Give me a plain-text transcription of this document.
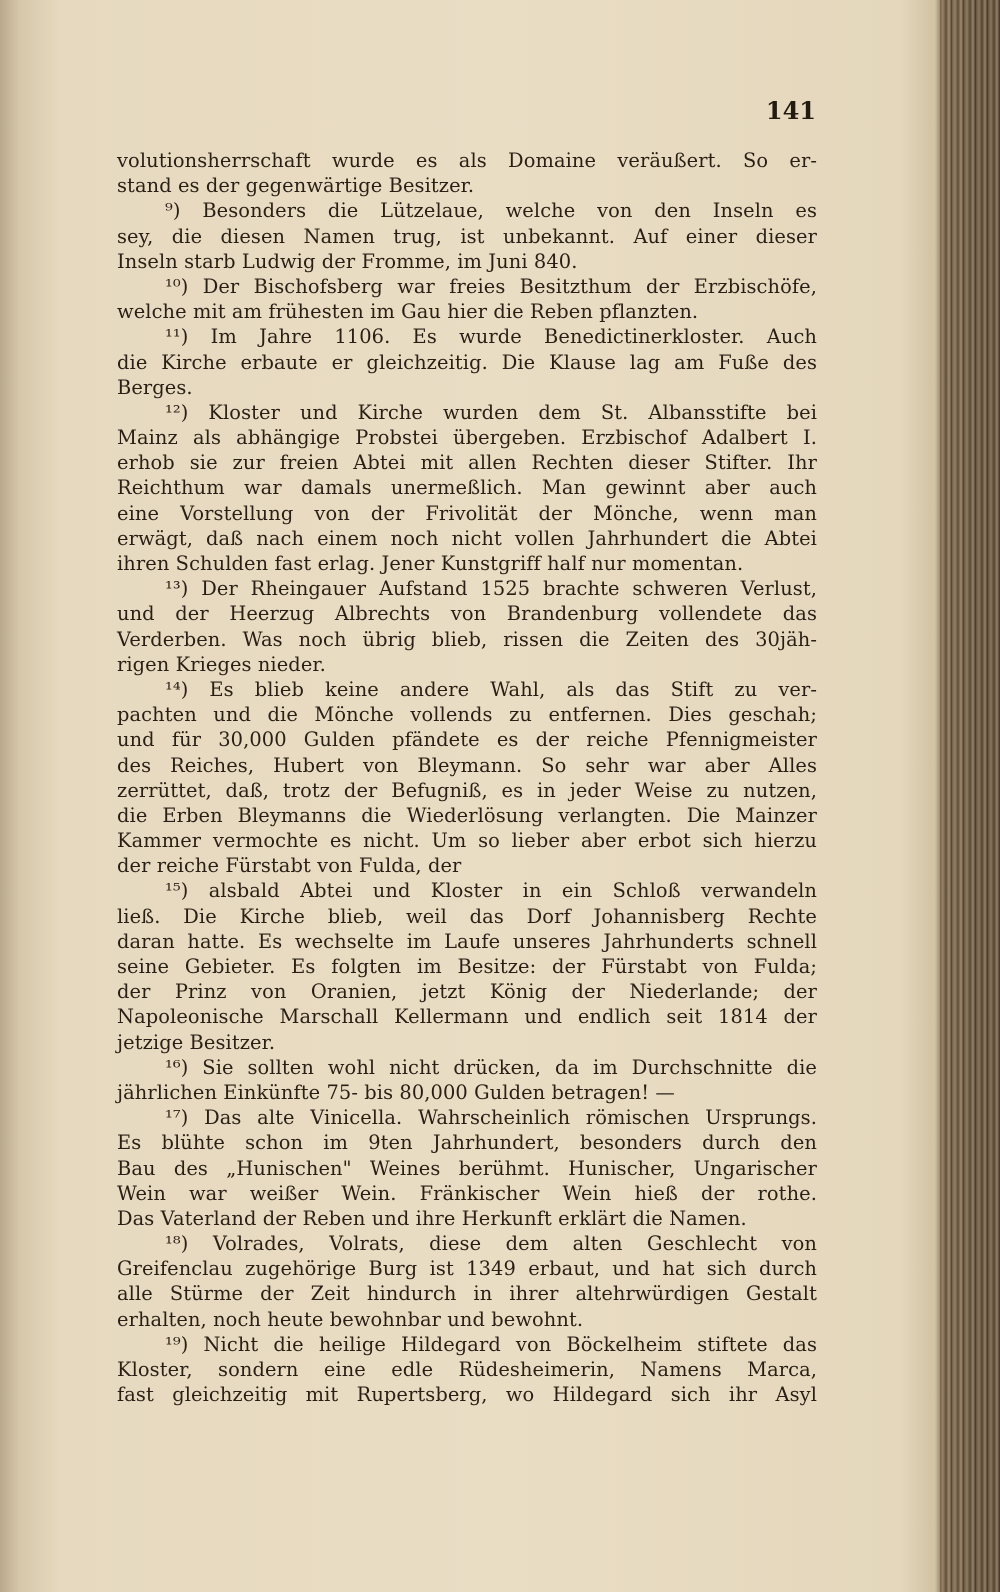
141
volutionsherrschaft wurde es als Domaine veräußert. So er-
stand es der gegenwärtige Besitzer.
⁹) Besonders die Lützelaue, welche von den Inseln es
sey, die diesen Namen trug, ist unbekannt. Auf einer dieser
Inseln starb Ludwig der Fromme, im Juni 840.
¹⁰) Der Bischofsberg war freies Besitzthum der Erzbischöfe,
welche mit am frühesten im Gau hier die Reben pflanzten.
¹¹) Im Jahre 1106. Es wurde Benedictinerkloster. Auch
die Kirche erbaute er gleichzeitig. Die Klause lag am Fuße des
Berges.
¹²) Kloster und Kirche wurden dem St. Albansstifte bei
Mainz als abhängige Probstei übergeben. Erzbischof Adalbert I.
erhob sie zur freien Abtei mit allen Rechten dieser Stifter. Ihr
Reichthum war damals unermeßlich. Man gewinnt aber auch
eine Vorstellung von der Frivolität der Mönche, wenn man
erwägt, daß nach einem noch nicht vollen Jahrhundert die Abtei
ihren Schulden fast erlag. Jener Kunstgriff half nur momentan.
¹³) Der Rheingauer Aufstand 1525 brachte schweren Verlust,
und der Heerzug Albrechts von Brandenburg vollendete das
Verderben. Was noch übrig blieb, rissen die Zeiten des 30jäh-
rigen Krieges nieder.
¹⁴) Es blieb keine andere Wahl, als das Stift zu ver-
pachten und die Mönche vollends zu entfernen. Dies geschah;
und für 30,000 Gulden pfändete es der reiche Pfennigmeister
des Reiches, Hubert von Bleymann. So sehr war aber Alles
zerrüttet, daß, trotz der Befugniß, es in jeder Weise zu nutzen,
die Erben Bleymanns die Wiederlösung verlangten. Die Mainzer
Kammer vermochte es nicht. Um so lieber aber erbot sich hierzu
der reiche Fürstabt von Fulda, der
¹⁵) alsbald Abtei und Kloster in ein Schloß verwandeln
ließ. Die Kirche blieb, weil das Dorf Johannisberg Rechte
daran hatte. Es wechselte im Laufe unseres Jahrhunderts schnell
seine Gebieter. Es folgten im Besitze: der Fürstabt von Fulda;
der Prinz von Oranien, jetzt König der Niederlande; der
Napoleonische Marschall Kellermann und endlich seit 1814 der
jetzige Besitzer.
¹⁶) Sie sollten wohl nicht drücken, da im Durchschnitte die
jährlichen Einkünfte 75- bis 80,000 Gulden betragen! —
¹⁷) Das alte Vinicella. Wahrscheinlich römischen Ursprungs.
Es blühte schon im 9ten Jahrhundert, besonders durch den
Bau des „Hunischen" Weines berühmt. Hunischer, Ungarischer
Wein war weißer Wein. Fränkischer Wein hieß der rothe.
Das Vaterland der Reben und ihre Herkunft erklärt die Namen.
¹⁸) Volrades, Volrats, diese dem alten Geschlecht von
Greifenclau zugehörige Burg ist 1349 erbaut, und hat sich durch
alle Stürme der Zeit hindurch in ihrer altehrwürdigen Gestalt
erhalten, noch heute bewohnbar und bewohnt.
¹⁹) Nicht die heilige Hildegard von Böckelheim stiftete das
Kloster, sondern eine edle Rüdesheimerin, Namens Marca,
fast gleichzeitig mit Rupertsberg, wo Hildegard sich ihr Asyl
